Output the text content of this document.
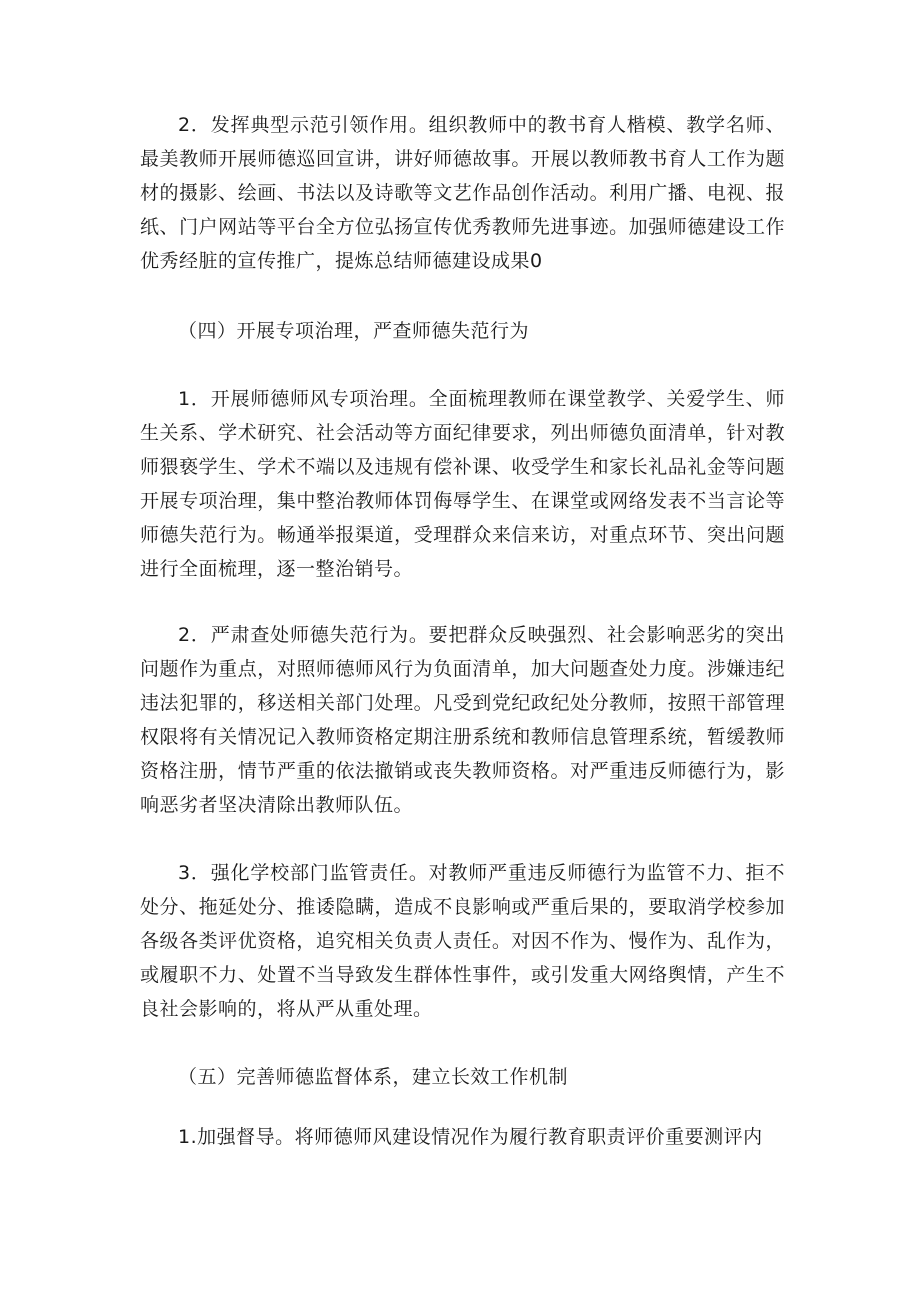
2．发挥典型示范引领作用。组织教师中的教书育人楷模、教学名师、最美教师开展师德巡回宣讲，讲好师德故事。开展以教师教书育人工作为题材的摄影、绘画、书法以及诗歌等文艺作品创作活动。利用广播、电视、报纸、门户网站等平台全方位弘扬宣传优秀教师先进事迹。加强师德建设工作优秀经脏的宣传推广，提炼总结师德建设成果0

（四）开展专项治理，严查师德失范行为

1．开展师德师风专项治理。全面梳理教师在课堂教学、关爱学生、师生关系、学术研究、社会活动等方面纪律要求，列出师德负面清单，针对教师猥亵学生、学术不端以及违规有偿补课、收受学生和家长礼品礼金等问题开展专项治理，集中整治教师体罚侮辱学生、在课堂或网络发表不当言论等师德失范行为。畅通举报渠道，受理群众来信来访，对重点环节、突出问题进行全面梳理，逐一整治销号。

2．严肃查处师德失范行为。要把群众反映强烈、社会影响恶劣的突出问题作为重点，对照师德师风行为负面清单，加大问题查处力度。涉嫌违纪违法犯罪的，移送相关部门处理。凡受到党纪政纪处分教师，按照干部管理权限将有关情况记入教师资格定期注册系统和教师信息管理系统，暂缓教师资格注册，情节严重的依法撤销或丧失教师资格。对严重违反师德行为，影响恶劣者坚决清除出教师队伍。

3．强化学校部门监管责任。对教师严重违反师德行为监管不力、拒不处分、拖延处分、推诿隐瞒，造成不良影响或严重后果的，要取消学校参加各级各类评优资格，追究相关负责人责任。对因不作为、慢作为、乱作为，或履职不力、处置不当导致发生群体性事件，或引发重大网络舆情，产生不良社会影响的，将从严从重处理。

（五）完善师德监督体系，建立长效工作机制

1.加强督导。将师德师风建设情况作为履行教育职责评价重要测评内
